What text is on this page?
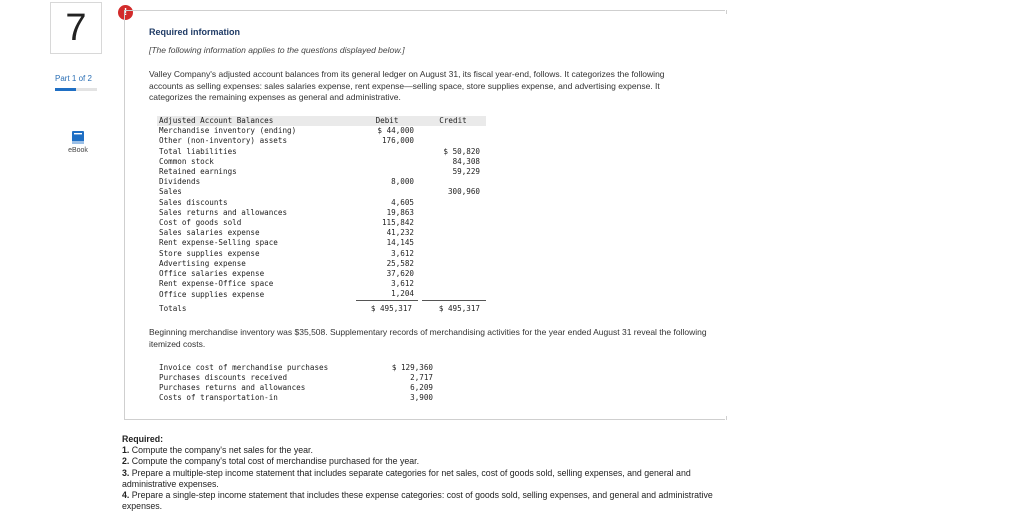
7
Part 1 of 2
eBook
!
Required information
[The following information applies to the questions displayed below.]
Valley Company's adjusted account balances from its general ledger on August 31, its fiscal year-end, follows. It categorizes the following accounts as selling expenses: sales salaries expense, rent expense—selling space, store supplies expense, and advertising expense. It categorizes the remaining expenses as general and administrative.
Adjusted Account Balances	Debit	Credit
Merchandise inventory (ending)	$ 44,000	
Other (non-inventory) assets	176,000	
Total liabilities		$ 50,820
Common stock		84,308
Retained earnings		59,229
Dividends	8,000	
Sales		300,960
Sales discounts	4,605	
Sales returns and allowances	19,863	
Cost of goods sold	115,842	
Sales salaries expense	41,232	
Rent expense-Selling space	14,145	
Store supplies expense	3,612	
Advertising expense	25,582	
Office salaries expense	37,620	
Rent expense-Office space	3,612	
Office supplies expense	1,204	
Totals	$ 495,317	$ 495,317
Beginning merchandise inventory was $35,508. Supplementary records of merchandising activities for the year ended August 31 reveal the following itemized costs.
Invoice cost of merchandise purchases	$ 129,360
Purchases discounts received	2,717
Purchases returns and allowances	6,209
Costs of transportation-in	3,900
Required:
1. Compute the company's net sales for the year.
2. Compute the company's total cost of merchandise purchased for the year.
3. Prepare a multiple-step income statement that includes separate categories for net sales, cost of goods sold, selling expenses, and general and administrative expenses.
4. Prepare a single-step income statement that includes these expense categories: cost of goods sold, selling expenses, and general and administrative expenses.
